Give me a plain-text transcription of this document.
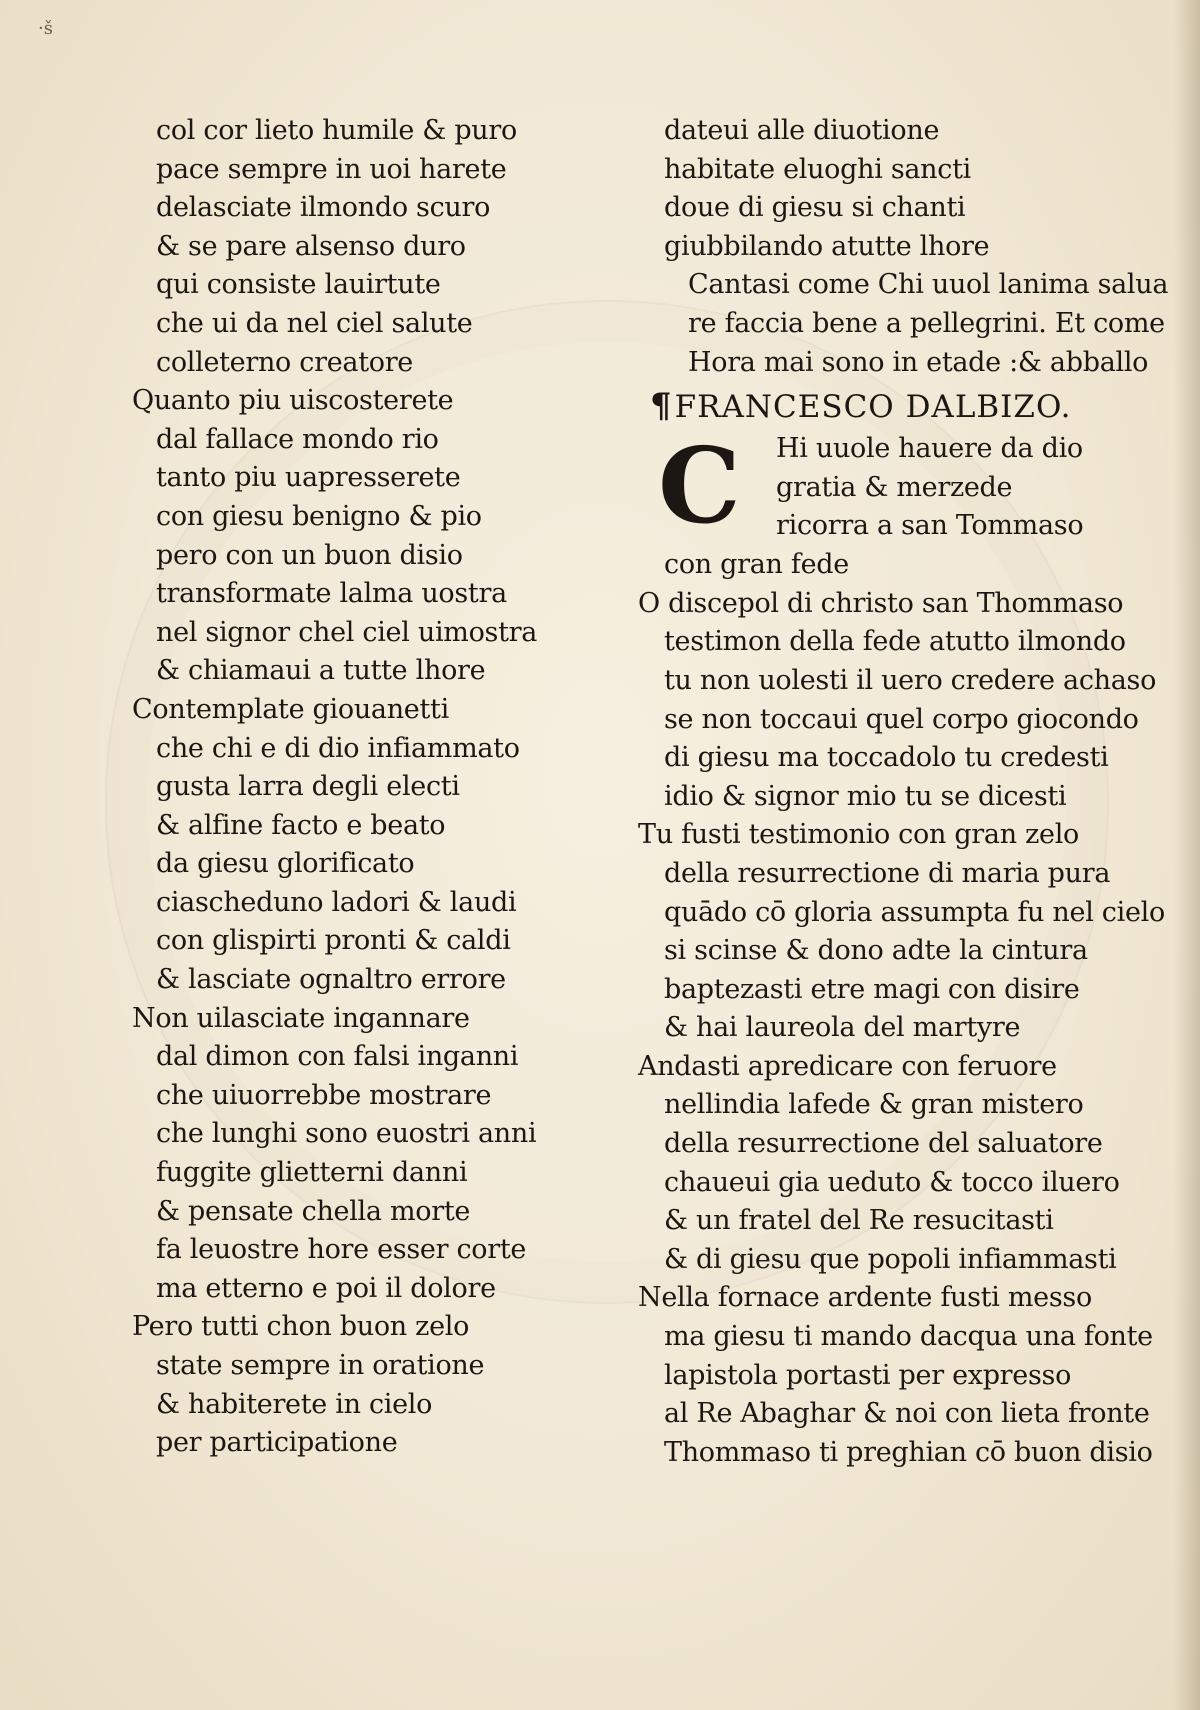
·š
col cor lieto humile & puro
pace sempre in uoi harete
delasciate ilmondo scuro
& se pare alsenso duro
qui consiste lauirtute
che ui da nel ciel salute
colleterno creatore
Quanto piu uiscosterete
dal fallace mondo rio
tanto piu uapresserete
con giesu benigno & pio
pero con un buon disio
transformate lalma uostra
nel signor chel ciel uimostra
& chiamaui a tutte lhore
Contemplate giouanetti
che chi e di dio infiammato
gusta larra degli electi
& alfine facto e beato
da giesu glorificato
ciascheduno ladori & laudi
con glispirti pronti & caldi
& lasciate ognaltro errore
Non uilasciate ingannare
dal dimon con falsi inganni
che uiuorrebbe mostrare
che lunghi sono euostri anni
fuggite glietterni danni
& pensate chella morte
fa leuostre hore esser corte
ma etterno e poi il dolore
Pero tutti chon buon zelo
state sempre in oratione
& habiterete in cielo
per participatione
dateui alle diuotione
habitate eluoghi sancti
doue di giesu si chanti
giubbilando atutte lhore
Cantasi come Chi uuol lanima salua
re faccia bene a pellegrini. Et come
Hora mai sono in etade :& abballo
¶FRANCESCO DALBIZO.
C Hi uuole hauere da dio
gratia & merzede
ricorra a san Tommaso
con gran fede
O discepol di christo san Thommaso
testimon della fede atutto ilmondo
tu non uolesti il uero credere achaso
se non toccaui quel corpo giocondo
di giesu ma toccadolo tu credesti
idio & signor mio tu se dicesti
Tu fusti testimonio con gran zelo
della resurrectione di maria pura
quādo cō gloria assumpta fu nel cielo
si scinse & dono adte la cintura
baptezasti etre magi con disire
& hai laureola del martyre
Andasti apredicare con feruore
nellindia lafede & gran mistero
della resurrectione del saluatore
chaueui gia ueduto & tocco iluero
& un fratel del Re resucitasti
& di giesu que popoli infiammasti
Nella fornace ardente fusti messo
ma giesu ti mando dacqua una fonte
lapistola portasti per expresso
al Re Abaghar & noi con lieta fronte
Thommaso ti preghian cō buon disio
